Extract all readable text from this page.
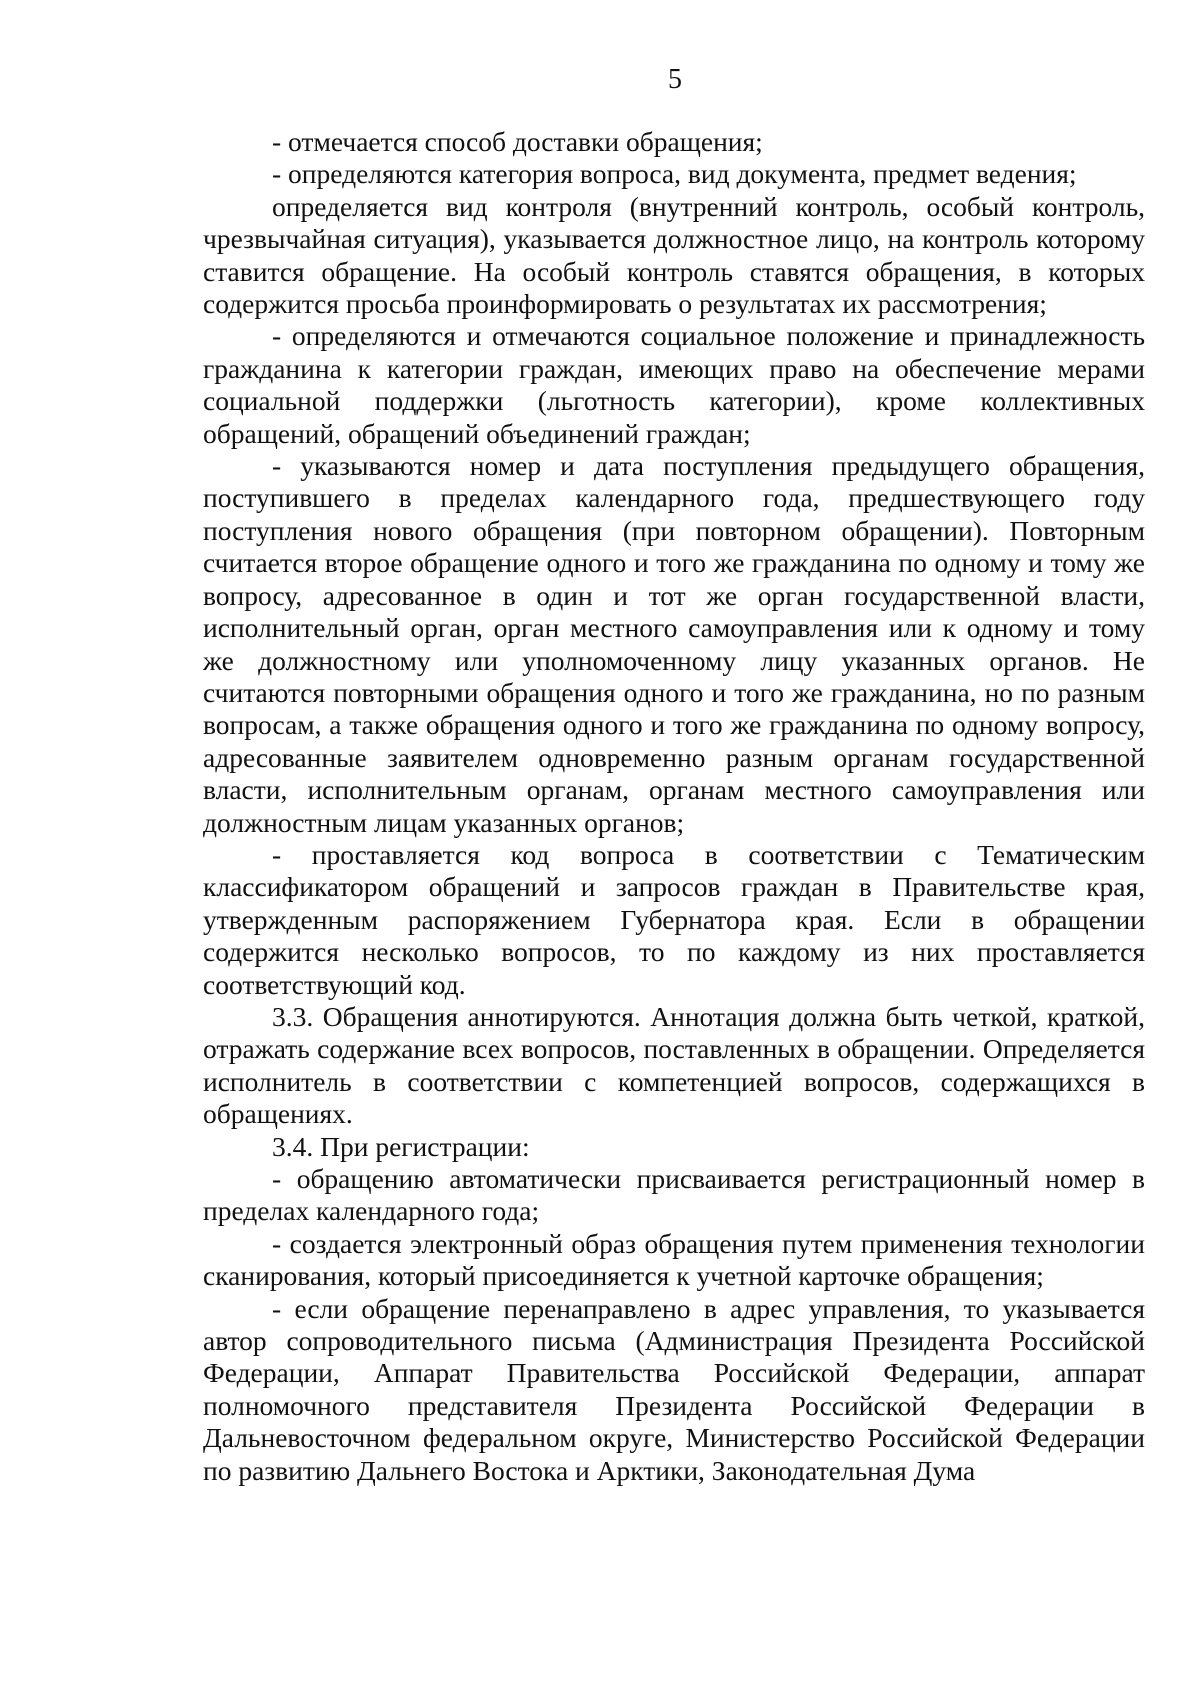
5

- отмечается способ доставки обращения;

- определяются категория вопроса, вид документа, предмет ведения;

определяется вид контроля (внутренний контроль, особый контроль, чрезвычайная ситуация), указывается должностное лицо, на контроль которому ставится обращение. На особый контроль ставятся обращения, в которых содержится просьба проинформировать о результатах их рассмотрения;

- определяются и отмечаются социальное положение и принадлежность гражданина к категории граждан, имеющих право на обеспечение мерами социальной поддержки (льготность категории), кроме коллективных обращений, обращений объединений граждан;

- указываются номер и дата поступления предыдущего обращения, поступившего в пределах календарного года, предшествующего году поступления нового обращения (при повторном обращении). Повторным считается второе обращение одного и того же гражданина по одному и тому же вопросу, адресованное в один и тот же орган государственной власти, исполнительный орган, орган местного самоуправления или к одному и тому же должностному или уполномоченному лицу указанных органов. Не считаются повторными обращения одного и того же гражданина, но по разным вопросам, а также обращения одного и того же гражданина по одному вопросу, адресованные заявителем одновременно разным органам государственной власти, исполнительным органам, органам местного самоуправления или должностным лицам указанных органов;

- проставляется код вопроса в соответствии с Тематическим классификатором обращений и запросов граждан в Правительстве края, утвержденным распоряжением Губернатора края. Если в обращении содержится несколько вопросов, то по каждому из них проставляется соответствующий код.

3.3. Обращения аннотируются. Аннотация должна быть четкой, краткой, отражать содержание всех вопросов, поставленных в обращении. Определяется исполнитель в соответствии с компетенцией вопросов, содержащихся в обращениях.

3.4. При регистрации:

- обращению автоматически присваивается регистрационный номер в пределах календарного года;

- создается электронный образ обращения путем применения технологии сканирования, который присоединяется к учетной карточке обращения;

- если обращение перенаправлено в адрес управления, то указывается автор сопроводительного письма (Администрация Президента Российской Федерации, Аппарат Правительства Российской Федерации, аппарат полномочного представителя Президента Российской Федерации в Дальневосточном федеральном округе, Министерство Российской Федерации по развитию Дальнего Востока и Арктики, Законодательная Дума
